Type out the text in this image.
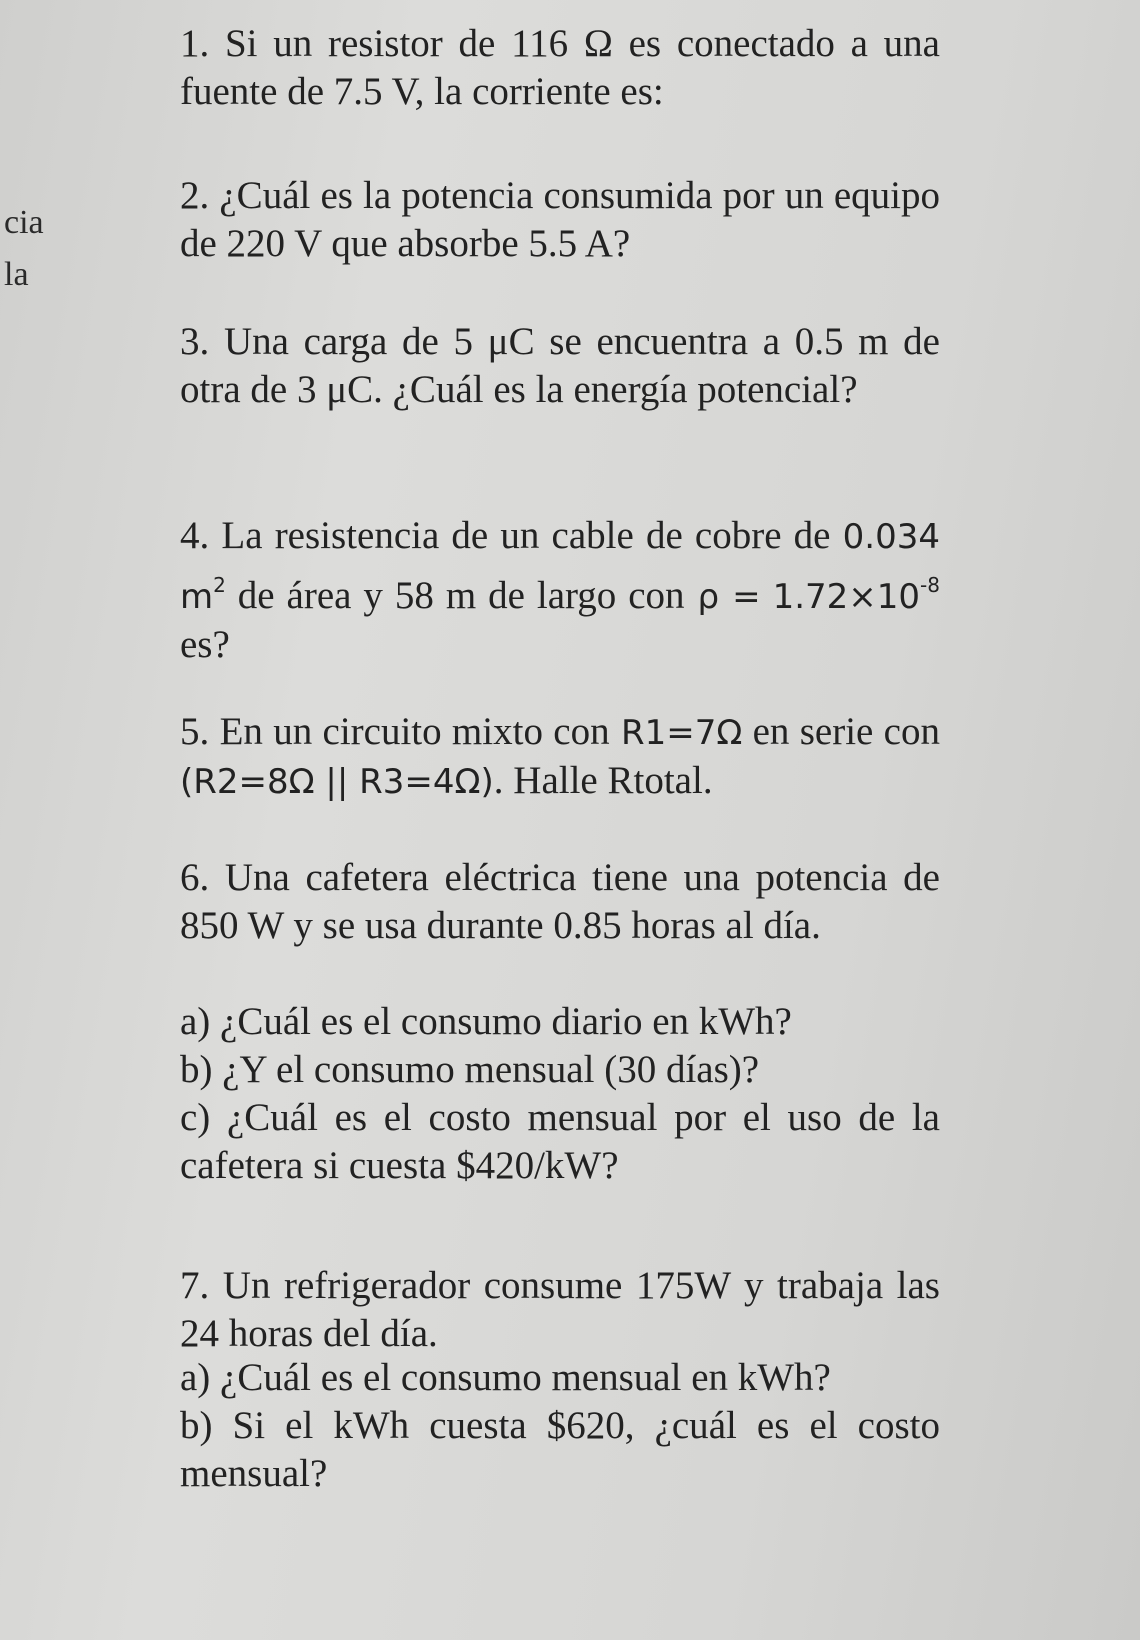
cia
la

1. Si un resistor de 116 Ω es conectado a una fuente de 7.5 V, la corriente es:

2. ¿Cuál es la potencia consumida por un equipo de 220 V que absorbe 5.5 A?

3. Una carga de 5 μC se encuentra a 0.5 m de otra de 3 μC. ¿Cuál es la energía potencial?

4. La resistencia de un cable de cobre de 0.034 $m^2$ de área y 58 m de largo con $\rho = 1.72\times 10^{-8}$ es?

5. En un circuito mixto con R1=7Ω en serie con (R2=8Ω || R3=4Ω). Halle Rtotal.

6. Una cafetera eléctrica tiene una potencia de 850 W y se usa durante 0.85 horas al día.

a) ¿Cuál es el consumo diario en kWh?

b) ¿Y el consumo mensual (30 días)?

c) ¿Cuál es el costo mensual por el uso de la cafetera si cuesta $420/kW?

7. Un refrigerador consume 175W y trabaja las 24 horas del día.

a) ¿Cuál es el consumo mensual en kWh?

b) Si el kWh cuesta $620, ¿cuál es el costo mensual?
